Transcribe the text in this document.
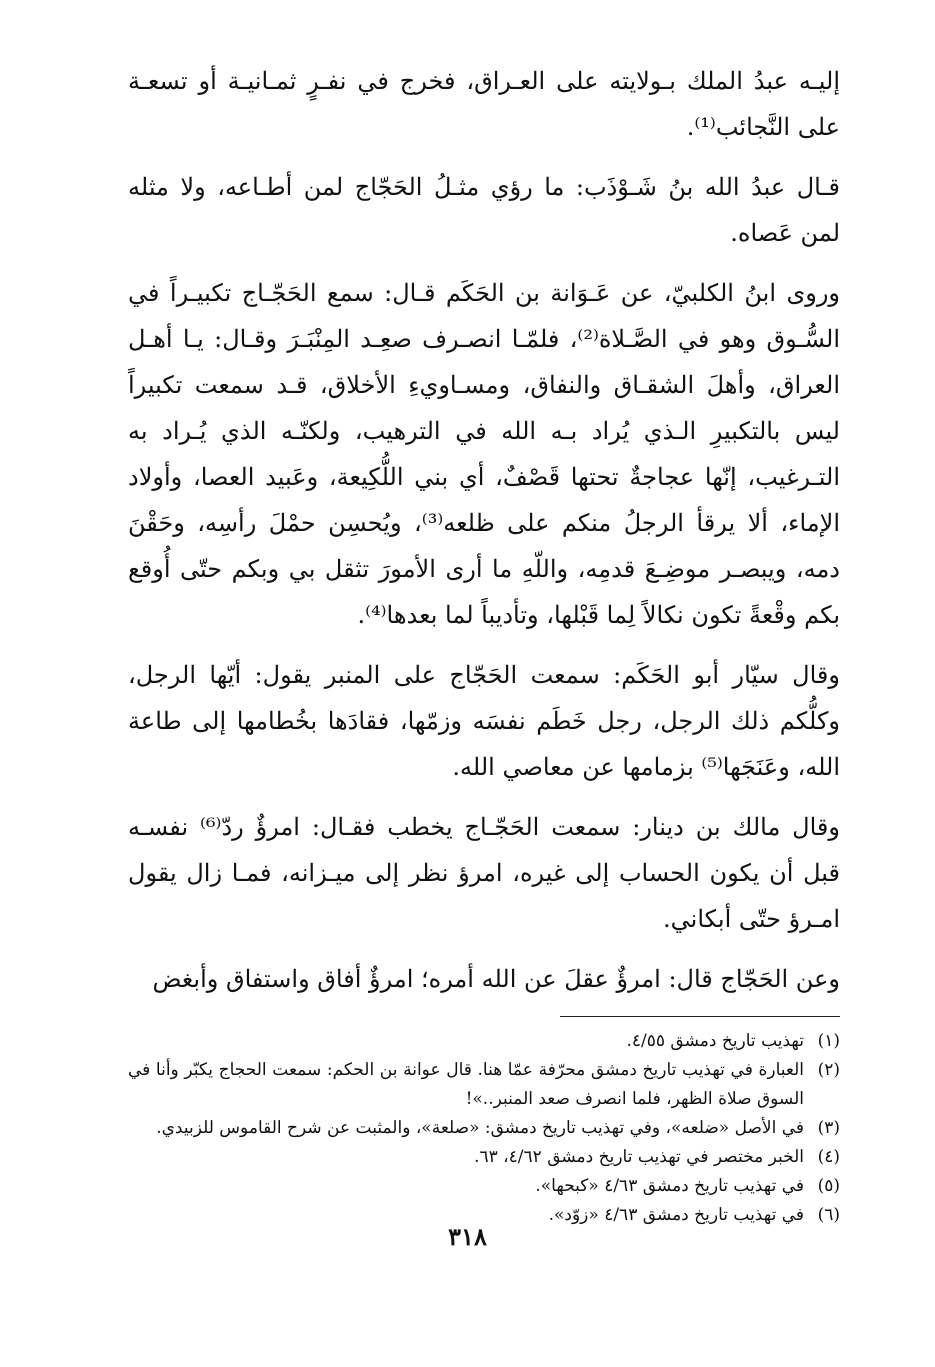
إليـه عبدُ الملك بـولايته على العـراق، فخرج في نفـرٍ ثمـانيـة أو تسعـة على النَّجائب⁽¹⁾.

قـال عبدُ الله بنُ شَـوْذَب: ما رؤي مثـلُ الحَجّاج لمن أطـاعه، ولا مثله لمن عَصاه.

وروى ابنُ الكلبيّ، عن عَـوَانة بن الحَكَم قـال: سمع الحَجّـاج تكبيـراً في السُّـوق وهو في الصَّـلاة⁽²⁾، فلمّـا انصـرف صعِـد المِنْبَـرَ وقـال: يـا أهـل العراق، وأهلَ الشقـاق والنفاق، ومسـاويءِ الأخلاق، قـد سمعت تكبيراً ليس بالتكبيرِ الـذي يُراد بـه الله في الترهيب، ولكنّـه الذي يُـراد به التـرغيب، إنّها عجاجةٌ تحتها قَصْفٌ، أي بني اللُّكِيعة، وعَبيد العصا، وأولاد الإماء، ألا يرقأ الرجلُ منكم على ظلعه⁽³⁾، ويُحسِن حمْلَ رأسِه، وحَقْنَ دمه، ويبصـر موضِـعَ قدمِه، واللّهِ ما أرى الأمورَ تثقل بي وبكم حتّى أُوقع بكم وقْعةً تكون نكالاً لِما قَبْلها، وتأديباً لما بعدها⁽⁴⁾.

وقال سيّار أبو الحَكَم: سمعت الحَجّاج على المنبر يقول: أيّها الرجل، وكلُّكم ذلك الرجل، رجل خَطَم نفسَه وزمّها، فقادَها بخُطامها إلى طاعة الله، وعَنَجَها⁽⁵⁾ بزمامها عن معاصي الله.

وقال مالك بن دينار: سمعت الحَجّـاج يخطب فقـال: امرؤٌ ردّ⁽⁶⁾ نفسـه قبل أن يكون الحساب إلى غيره، امرؤ نظر إلى ميـزانه، فمـا زال يقول امـرؤ حتّى أبكاني.

وعن الحَجّاج قال: امرؤٌ عقلَ عن الله أمره؛ امرؤٌ أفاق واستفاق وأبغض

(١)
تهذيب تاريخ دمشق ٤/٥٥.
(٢)
العبارة في تهذيب تاريخ دمشق محرّفة عمّا هنا. قال عوانة بن الحكم: سمعت الحجاج يكبّر وأنا في السوق صلاة الظهر، فلما انصرف صعد المنبر..»!
(٣)
في الأصل «ضلعه»، وفي تهذيب تاريخ دمشق: «صلعة»، والمثبت عن شرح القاموس للزبيدي.
(٤)
الخبر مختصر في تهذيب تاريخ دمشق ٤/٦٢، ٦٣.
(٥)
في تهذيب تاريخ دمشق ٤/٦٣ «كبحها».
(٦)
في تهذيب تاريخ دمشق ٤/٦٣ «زوّد».
٣١٨
